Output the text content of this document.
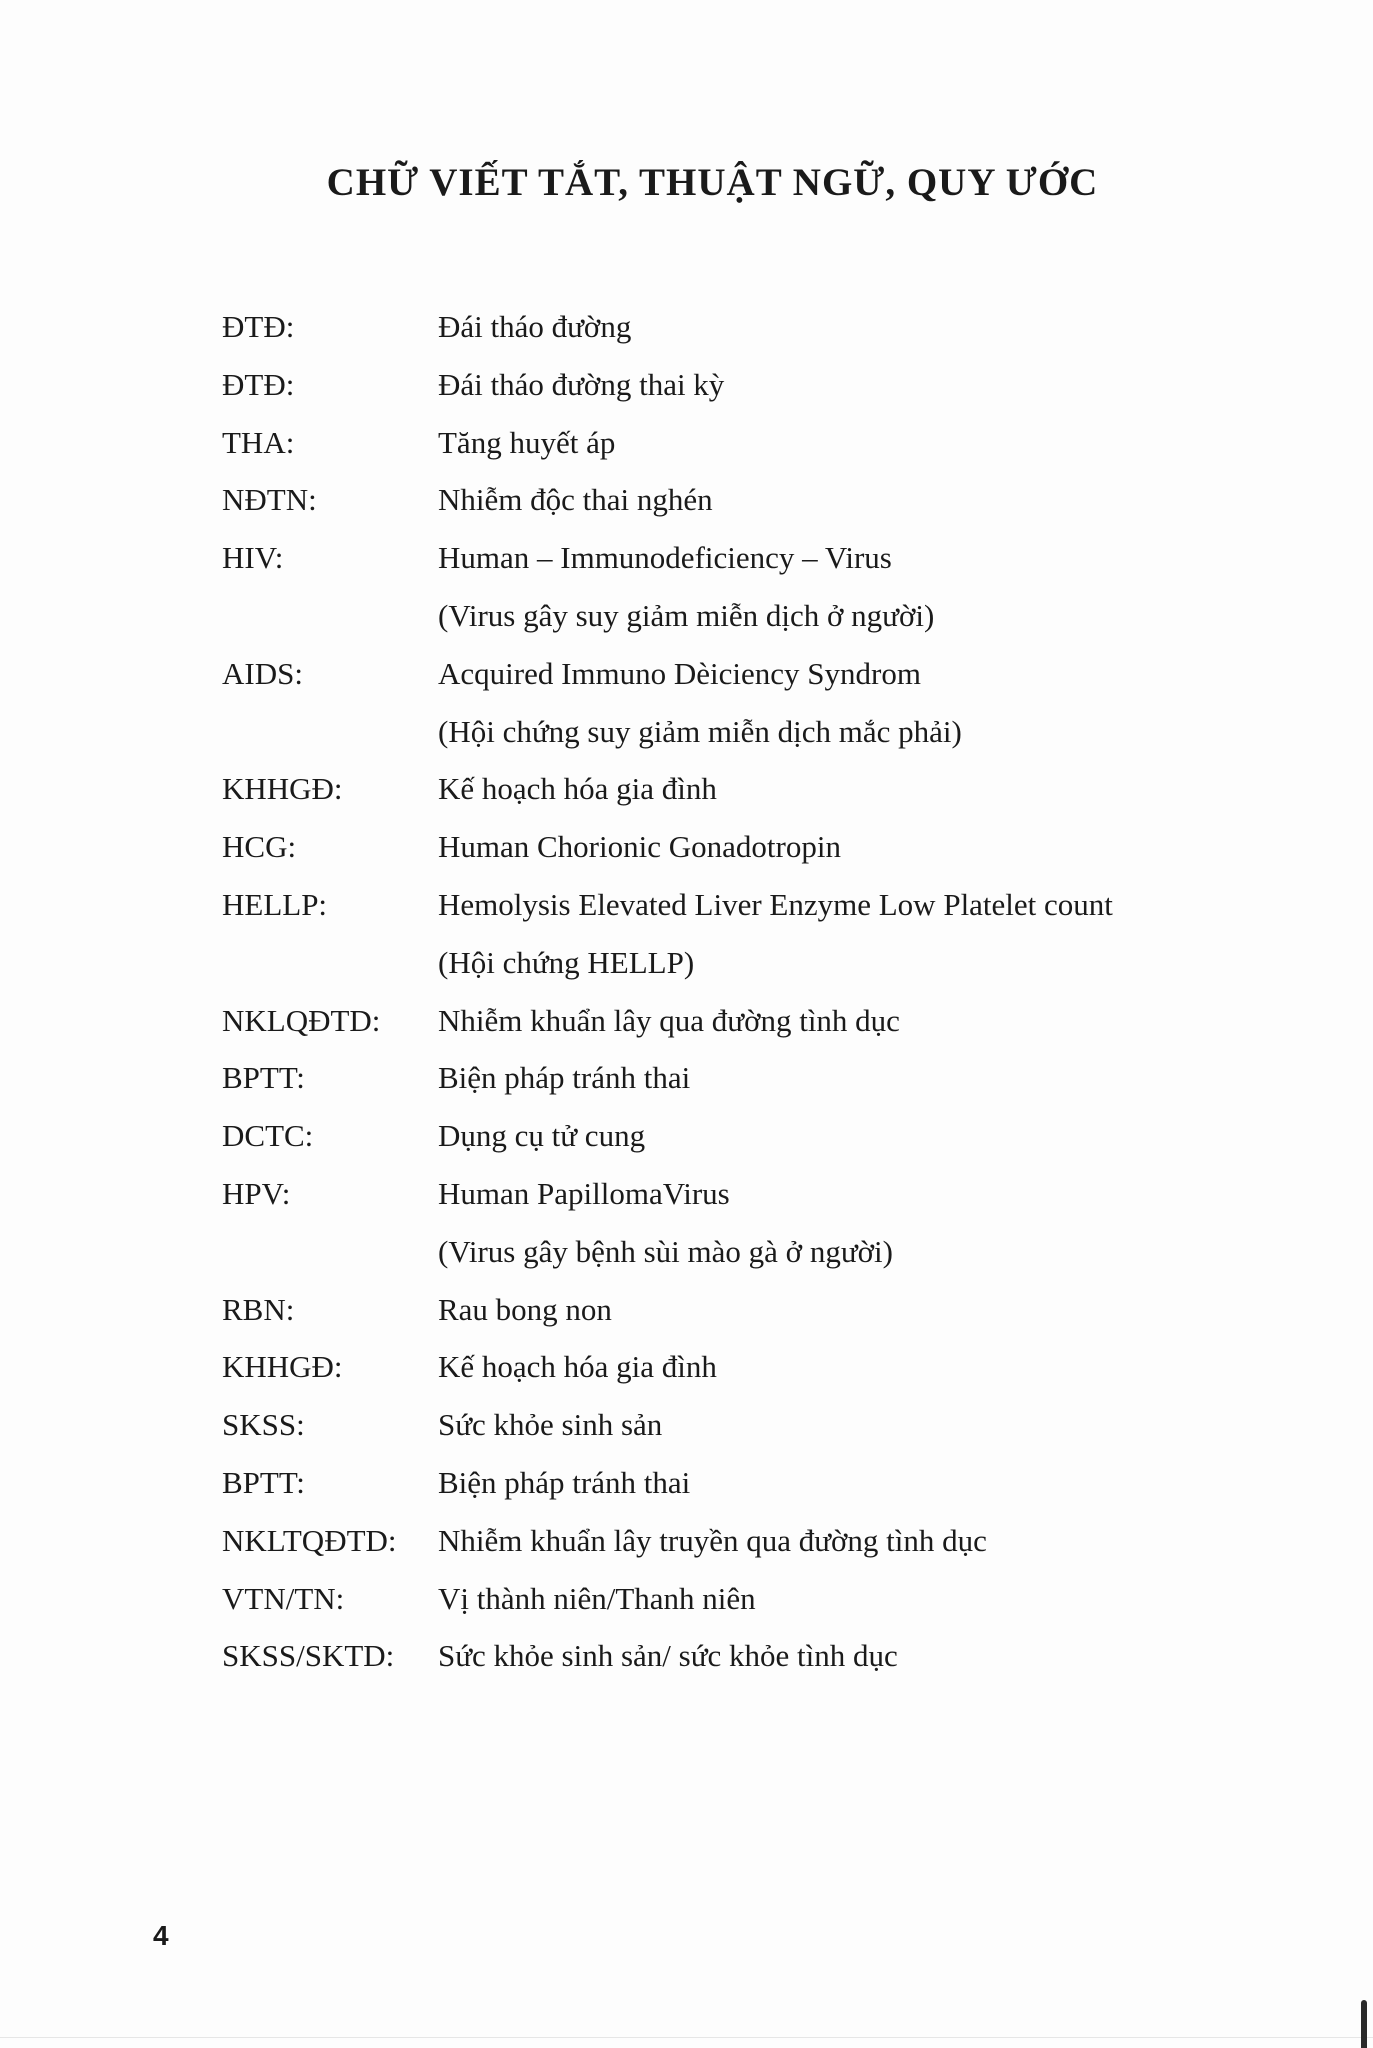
CHỮ VIẾT TẮT, THUẬT NGỮ, QUY ƯỚC
ĐTĐ:	Đái tháo đường
ĐTĐ:	Đái tháo đường thai kỳ
THA:	Tăng huyết áp
NĐTN:	Nhiễm độc thai nghén
HIV:	Human – Immunodeficiency – Virus
(Virus gây suy giảm miễn dịch ở người)
AIDS:	Acquired Immuno Dèiciency Syndrom
(Hội chứng suy giảm miễn dịch mắc phải)
KHHGĐ:	Kế hoạch hóa gia đình
HCG:	Human Chorionic Gonadotropin
HELLP:	Hemolysis Elevated Liver Enzyme Low Platelet count
(Hội chứng HELLP)
NKLQĐTD:	Nhiễm khuẩn lây qua đường tình dục
BPTT:	Biện pháp tránh thai
DCTC:	Dụng cụ tử cung
HPV:	Human PapillomaVirus
(Virus gây bệnh sùi mào gà ở người)
RBN:	Rau bong non
KHHGĐ:	Kế hoạch hóa gia đình
SKSS:	Sức khỏe sinh sản
BPTT:	Biện pháp tránh thai
NKLTQĐTD:	Nhiễm khuẩn lây truyền qua đường tình dục
VTN/TN:	Vị thành niên/Thanh niên
SKSS/SKTD:	Sức khỏe sinh sản/ sức khỏe tình dục
4
